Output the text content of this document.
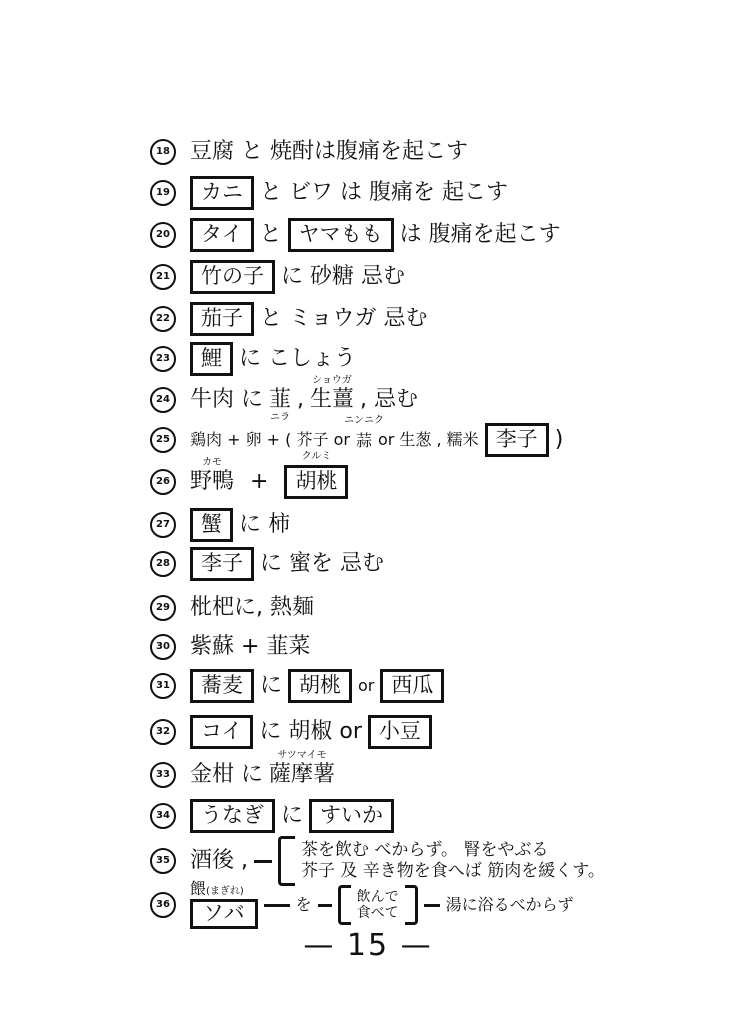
18 豆腐 と 焼酎は腹痛を起こす
19	カニ と ビワ は 腹痛を 起こす
20	タイ と ヤマもも は 腹痛を起こす
21	竹の子 に 砂糖 忌む
22	茄子 と ミョウガ 忌む
23	鯉 に こしょう
24 牛肉 に 韮
ニラ
,
ショウガ
生薑 , 忌む
25	鶏肉 + 卵 + ( 芥子 or
ニンニク
蒜 or 生葱 , 糯米 李子 )
26
カモ
野鴨 +
クルミ
胡桃
27	蟹 に 柿
28	李子 に 蜜を 忌む
29 枇杷に, 熱麺
30 紫蘇 + 韮菜
31	蕎麦 に 胡桃	or 西瓜
32	コイ に 胡椒 or 小豆
33 金柑 に
サツマイモ
薩摩薯
34	うなぎ に すいか
35 酒後 ,	茶を飲む べからず。 腎をやぶる
芥子 及 辛き物を食へば 筋肉を緩くす。
36
餵(まぎれ)
ソバ	を	飲んで
食べて	湯に浴るべからず
— 15 —
